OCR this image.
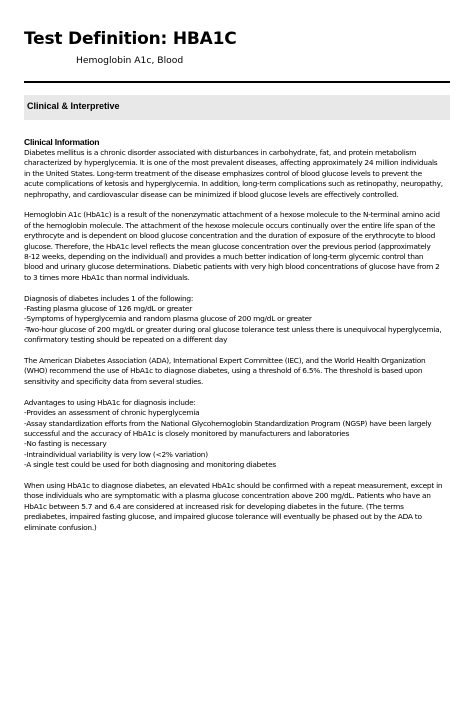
Test Definition: HBA1C
Hemoglobin A1c, Blood
Clinical & Interpretive
Clinical Information

Diabetes mellitus is a chronic disorder associated with disturbances in carbohydrate, fat, and protein metabolism

characterized by hyperglycemia. It is one of the most prevalent diseases, affecting approximately 24 million individuals

in the United States. Long-term treatment of the disease emphasizes control of blood glucose levels to prevent the

acute complications of ketosis and hyperglycemia. In addition, long-term complications such as retinopathy, neuropathy,

nephropathy, and cardiovascular disease can be minimized if blood glucose levels are effectively controlled.

Hemoglobin A1c (HbA1c) is a result of the nonenzymatic attachment of a hexose molecule to the N-terminal amino acid

of the hemoglobin molecule. The attachment of the hexose molecule occurs continually over the entire life span of the

erythrocyte and is dependent on blood glucose concentration and the duration of exposure of the erythrocyte to blood

glucose. Therefore, the HbA1c level reflects the mean glucose concentration over the previous period (approximately

8-12 weeks, depending on the individual) and provides a much better indication of long-term glycemic control than

blood and urinary glucose determinations. Diabetic patients with very high blood concentrations of glucose have from 2

to 3 times more HbA1c than normal individuals.

Diagnosis of diabetes includes 1 of the following:

-Fasting plasma glucose of 126 mg/dL or greater

-Symptoms of hyperglycemia and random plasma glucose of 200 mg/dL or greater

-Two-hour glucose of 200 mg/dL or greater during oral glucose tolerance test unless there is unequivocal hyperglycemia,

confirmatory testing should be repeated on a different day

The American Diabetes Association (ADA), International Expert Committee (IEC), and the World Health Organization

(WHO) recommend the use of HbA1c to diagnose diabetes, using a threshold of 6.5%. The threshold is based upon

sensitivity and specificity data from several studies.

Advantages to using HbA1c for diagnosis include:

-Provides an assessment of chronic hyperglycemia

-Assay standardization efforts from the National Glycohemoglobin Standardization Program (NGSP) have been largely

successful and the accuracy of HbA1c is closely monitored by manufacturers and laboratories

-No fasting is necessary

-Intraindividual variability is very low (<2% variation)

-A single test could be used for both diagnosing and monitoring diabetes

When using HbA1c to diagnose diabetes, an elevated HbA1c should be confirmed with a repeat measurement, except in

those individuals who are symptomatic with a plasma glucose concentration above 200 mg/dL. Patients who have an

HbA1c between 5.7 and 6.4 are considered at increased risk for developing diabetes in the future. (The terms

prediabetes, impaired fasting glucose, and impaired glucose tolerance will eventually be phased out by the ADA to

eliminate confusion.)
